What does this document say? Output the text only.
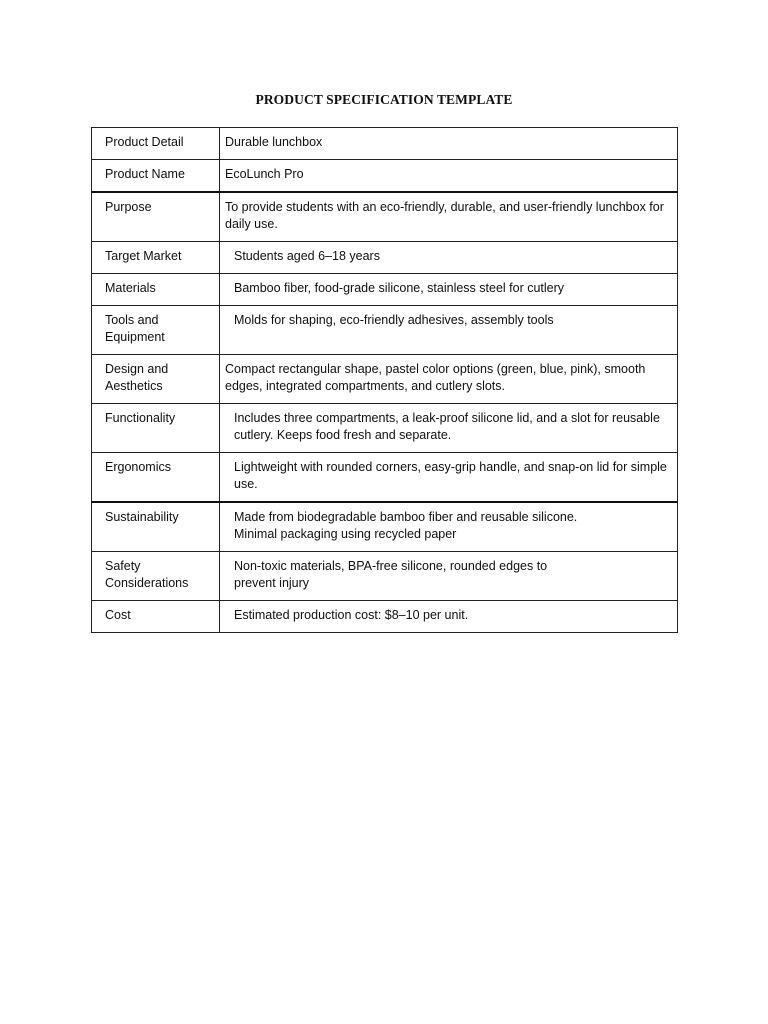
PRODUCT SPECIFICATION TEMPLATE
Product Detail	Durable lunchbox

Product Name	EcoLunch Pro

Purpose	To provide students with an eco-friendly, durable, and user-friendly lunchbox for daily use.

Target Market	Students aged 6–18 years

Materials	Bamboo fiber, food-grade silicone, stainless steel for cutlery

Tools and Equipment	Molds for shaping, eco-friendly adhesives, assembly tools

Design and Aesthetics	Compact rectangular shape, pastel color options (green, blue, pink), smooth edges, integrated compartments, and cutlery slots.

Functionality	Includes three compartments, a leak-proof silicone lid, and a slot for reusable cutlery. Keeps food fresh and separate.

Ergonomics	Lightweight with rounded corners, easy-grip handle, and snap-on lid for simple use.

Sustainability	Made from biodegradable bamboo fiber and reusable silicone.
Minimal packaging using recycled paper

Safety Considerations	Non-toxic materials, BPA-free silicone, rounded edges to prevent injury

Cost	Estimated production cost: $8–10 per unit.
